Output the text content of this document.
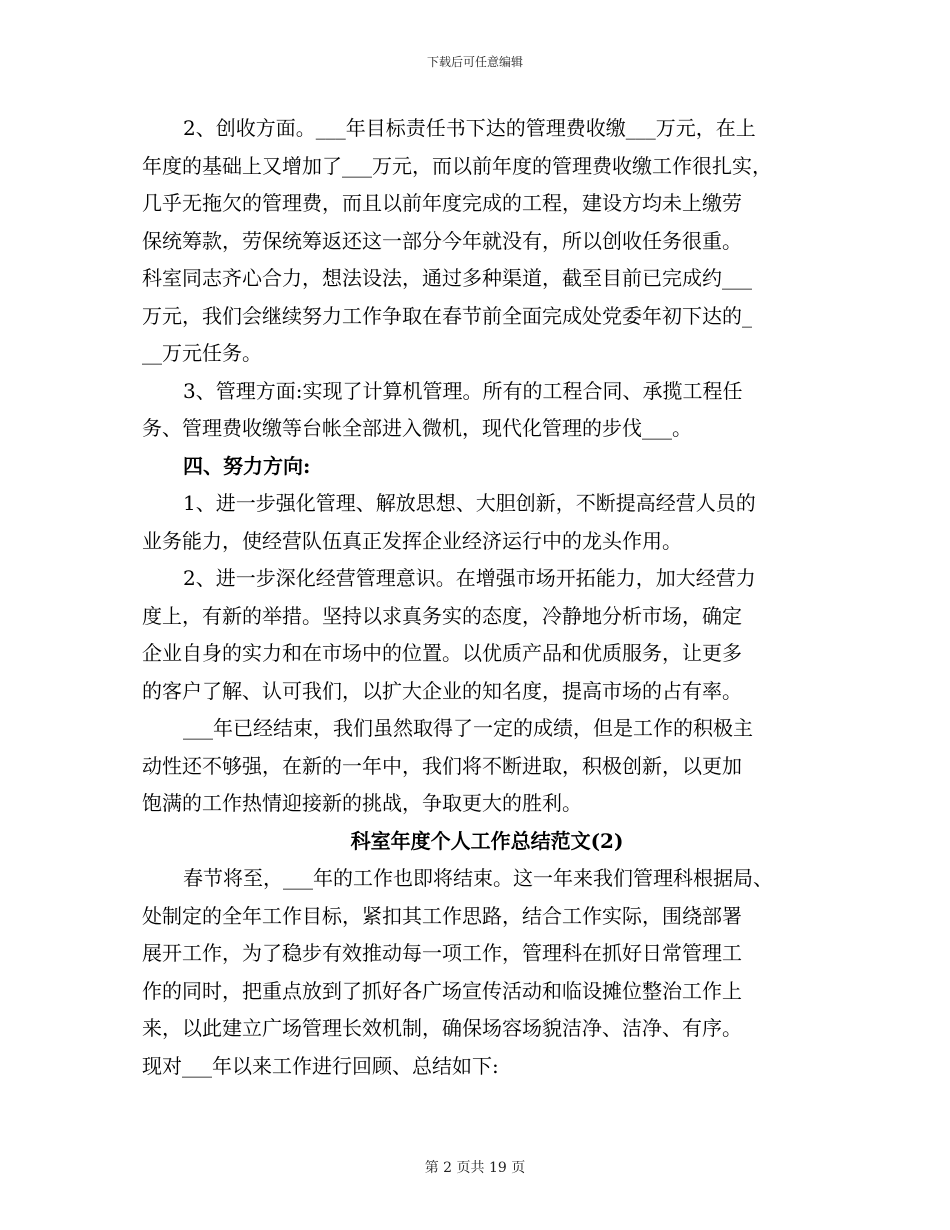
下载后可任意编辑
2、创收方面。___年目标责任书下达的管理费收缴___万元，在上
年度的基础上又增加了___万元，而以前年度的管理费收缴工作很扎实，
几乎无拖欠的管理费，而且以前年度完成的工程，建设方均未上缴劳
保统筹款，劳保统筹返还这一部分今年就没有，所以创收任务很重。
科室同志齐心合力，想法设法，通过多种渠道，截至目前已完成约___
万元，我们会继续努力工作争取在春节前全面完成处党委年初下达的_
__万元任务。
3、管理方面:实现了计算机管理。所有的工程合同、承揽工程任
务、管理费收缴等台帐全部进入微机，现代化管理的步伐___。
四、努力方向:
1、进一步强化管理、解放思想、大胆创新，不断提高经营人员的
业务能力，使经营队伍真正发挥企业经济运行中的龙头作用。
2、进一步深化经营管理意识。在增强市场开拓能力，加大经营力
度上，有新的举措。坚持以求真务实的态度，冷静地分析市场，确定
企业自身的实力和在市场中的位置。以优质产品和优质服务，让更多
的客户了解、认可我们，以扩大企业的知名度，提高市场的占有率。
___年已经结束，我们虽然取得了一定的成绩，但是工作的积极主
动性还不够强，在新的一年中，我们将不断进取，积极创新，以更加
饱满的工作热情迎接新的挑战，争取更大的胜利。
科室年度个人工作总结范文(2)
春节将至，___年的工作也即将结束。这一年来我们管理科根据局、
处制定的全年工作目标，紧扣其工作思路，结合工作实际，围绕部署
展开工作，为了稳步有效推动每一项工作，管理科在抓好日常管理工
作的同时，把重点放到了抓好各广场宣传活动和临设摊位整治工作上
来，以此建立广场管理长效机制，确保场容场貌洁净、洁净、有序。
现对___年以来工作进行回顾、总结如下:
第 2 页共 19 页
